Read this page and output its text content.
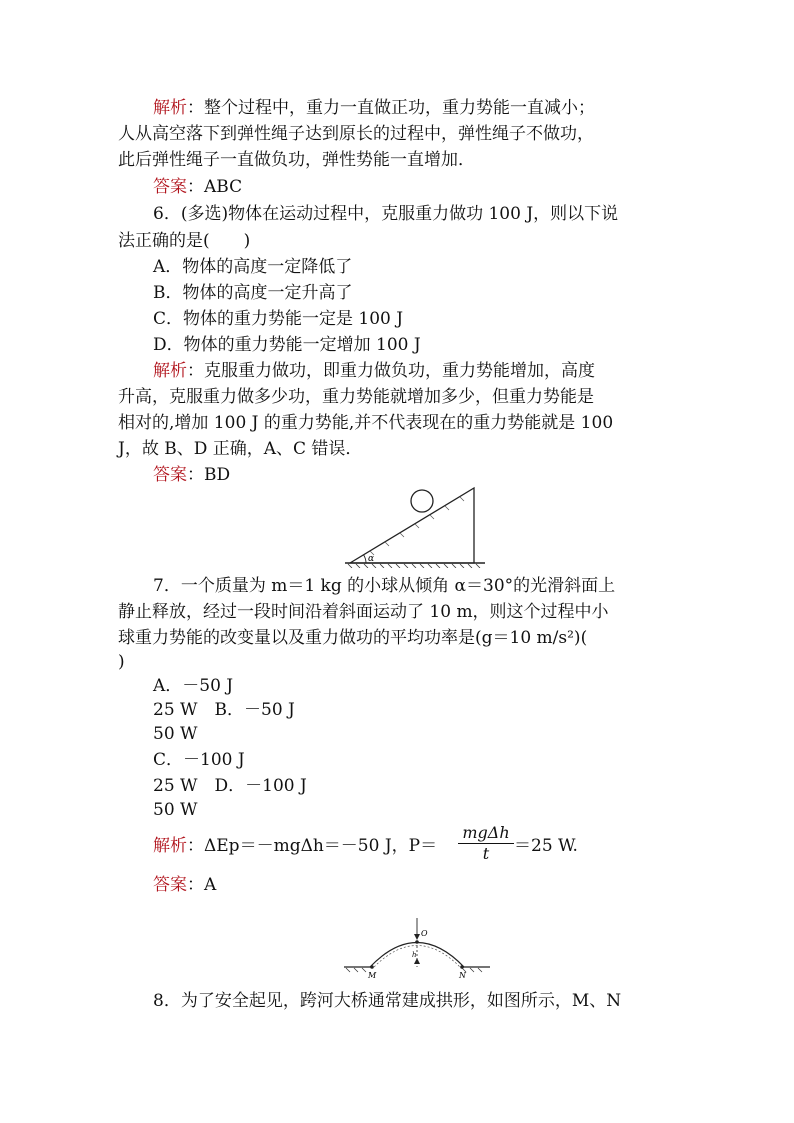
解析：整个过程中，重力一直做正功，重力势能一直减小；
人从高空落下到弹性绳子达到原长的过程中，弹性绳子不做功，
此后弹性绳子一直做负功，弹性势能一直增加．
答案：ABC
6．(多选)物体在运动过程中，克服重力做功 100 J，则以下说
法正确的是(　　)
A．物体的高度一定降低了
B．物体的高度一定升高了
C．物体的重力势能一定是 100 J
D．物体的重力势能一定增加 100 J
解析：克服重力做功，即重力做负功，重力势能增加，高度
升高，克服重力做多少功，重力势能就增加多少，但重力势能是
相对的,增加 100 J 的重力势能,并不代表现在的重力势能就是 100
J，故 B、D 正确，A、C 错误．
答案：BD
α
7．一个质量为 m＝1 kg 的小球从倾角 α＝30°的光滑斜面上
静止释放，经过一段时间沿着斜面运动了 10 m，则这个过程中小
球重力势能的改变量以及重力做功的平均功率是(g＝10 m/s²)(
)
A．－50 J
25 W　B．－50 J
50 W
C．－100 J
25 W　D．－100 J
50 W
解析：ΔEp＝－mgΔh＝－50 J，P＝
mgΔh
t	＝25 W.
答案：A
O
h
M	N
8．为了安全起见，跨河大桥通常建成拱形，如图所示，M、N
